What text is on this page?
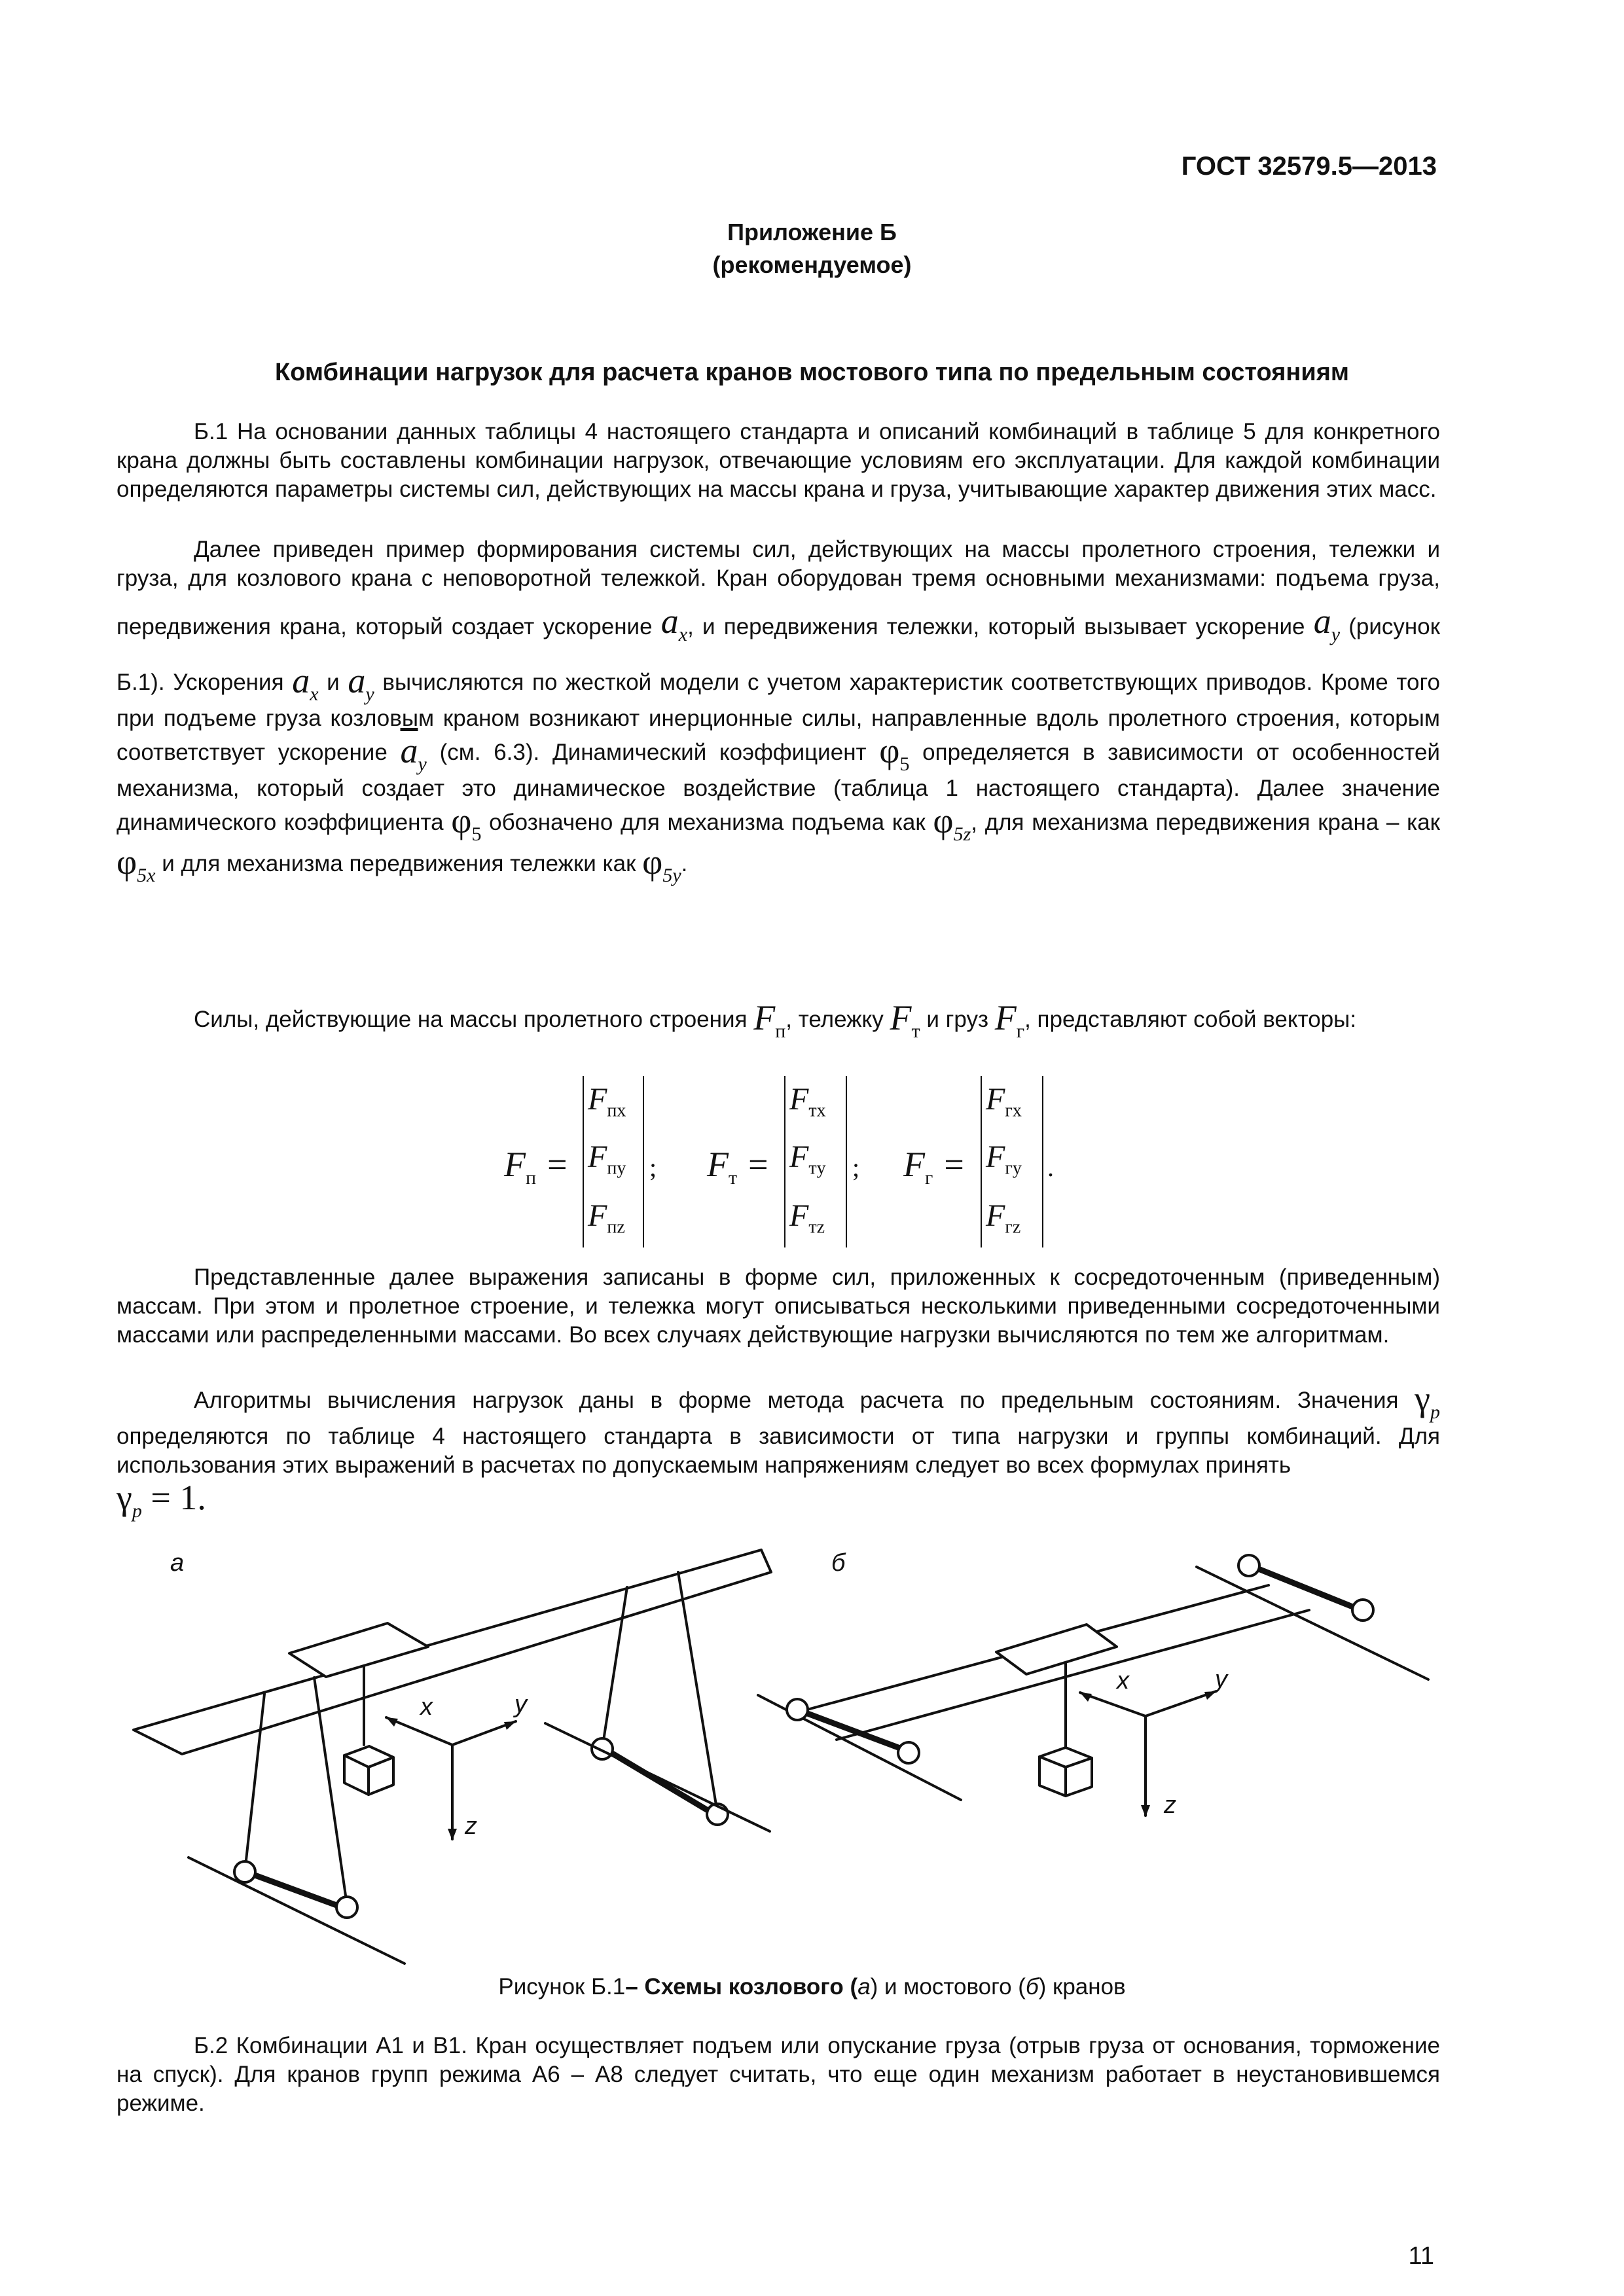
ГОСТ 32579.5—2013
Приложение Б
(рекомендуемое)
Комбинации нагрузок для расчета кранов мостового типа по предельным состояниям

Б.1 На основании данных таблицы 4 настоящего стандарта и описаний комбинаций в таблице 5 для конкретного крана должны быть составлены комбинации нагрузок, отвечающие условиям его эксплуатации. Для каждой комбинации определяются параметры системы сил, действующих на массы крана и груза, учитывающие характер движения этих масс.

Далее приведен пример формирования системы сил, действующих на массы пролетного строения, тележки и груза, для козлового крана с неповоротной тележкой. Кран оборудован тремя основными механизмами: подъема груза, передвижения крана, который создает ускорение $a_x$, и передвижения тележки, который вызывает ускорение $a_y$ (рисунок Б.1). Ускорения $a_x$ и $a_y$ вычисляются по жесткой модели с учетом характеристик соответствующих приводов. Кроме того при подъеме груза козловым краном возникают инерционные силы, направленные вдоль пролетного строения, которым соответствует ускорение $\overline{a}_y$ (см. 6.3). Динамический коэффициент $\varphi_5$ определяется в зависимости от особенностей механизма, который создает это динамическое воздействие (таблица 1 настоящего стандарта). Далее значение динамического коэффициента $\varphi_5$ обозначено для механизма подъема как $\varphi_{5z}$, для механизма передвижения крана – как $\varphi_{5x}$ и для механизма передвижения тележки как $\varphi_{5y}$.

Силы, действующие на массы пролетного строения $F_п$, тележку $F_т$ и груз $F_г$, представляют собой векторы:

$F_п$ =
$F_{пx}$
$F_{пy}$
$F_{пz}$
; $F_т$ =
$F_{тx}$
$F_{тy}$
$F_{тz}$
; $F_г$ =
$F_{гx}$
$F_{гy}$
$F_{гz}$
.

Представленные далее выражения записаны в форме сил, приложенных к сосредоточенным (приведенным) массам. При этом и пролетное строение, и тележка могут описываться несколькими приведенными сосредоточенными массами или распределенными массами. Во всех случаях действующие нагрузки вычисляются по тем же алгоритмам.

Алгоритмы вычисления нагрузок даны в форме метода расчета по предельным состояниям. Значения $\gamma_p$ определяются по таблице 4 настоящего стандарта в зависимости от типа нагрузки и группы комбинаций. Для использования этих выражений в расчетах по допускаемым напряжениям следует во всех формулах принять
$\gamma_p = 1$.

а	б
x	y
z
x	y
z
Рисунок Б.1– Схемы козлового (а) и мостового (б) кранов

Б.2 Комбинации А1 и В1. Кран осуществляет подъем или опускание груза (отрыв груза от основания, торможение на спуск). Для кранов групп режима А6 – А8 следует считать, что еще один механизм работает в неустановившемся режиме.

11
